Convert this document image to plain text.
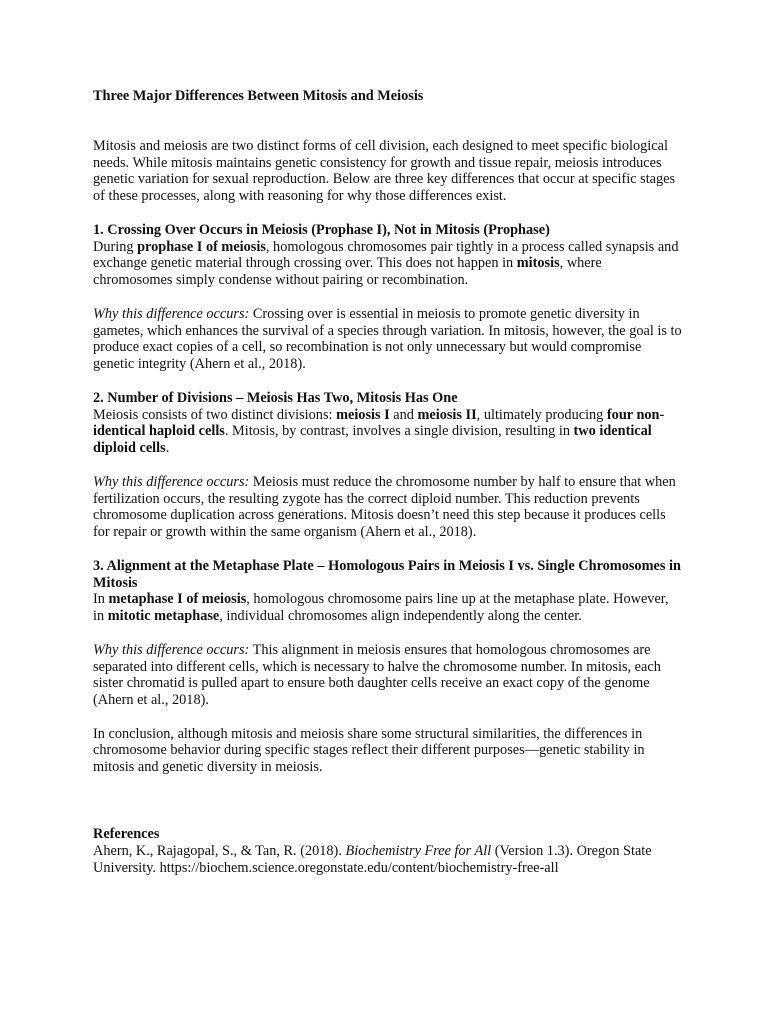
Three Major Differences Between Mitosis and Meiosis

Mitosis and meiosis are two distinct forms of cell division, each designed to meet specific biological needs. While mitosis maintains genetic consistency for growth and tissue repair, meiosis introduces genetic variation for sexual reproduction. Below are three key differences that occur at specific stages of these processes, along with reasoning for why those differences exist.

1. Crossing Over Occurs in Meiosis (Prophase I), Not in Mitosis (Prophase)

During prophase I of meiosis, homologous chromosomes pair tightly in a process called synapsis and exchange genetic material through crossing over. This does not happen in mitosis, where chromosomes simply condense without pairing or recombination.

Why this difference occurs: Crossing over is essential in meiosis to promote genetic diversity in gametes, which enhances the survival of a species through variation. In mitosis, however, the goal is to produce exact copies of a cell, so recombination is not only unnecessary but would compromise genetic integrity (Ahern et al., 2018).

2. Number of Divisions – Meiosis Has Two, Mitosis Has One

Meiosis consists of two distinct divisions: meiosis I and meiosis II, ultimately producing four non-identical haploid cells. Mitosis, by contrast, involves a single division, resulting in two identical diploid cells.

Why this difference occurs: Meiosis must reduce the chromosome number by half to ensure that when fertilization occurs, the resulting zygote has the correct diploid number. This reduction prevents chromosome duplication across generations. Mitosis doesn’t need this step because it produces cells for repair or growth within the same organism (Ahern et al., 2018).

3. Alignment at the Metaphase Plate – Homologous Pairs in Meiosis I vs. Single Chromosomes in Mitosis

In metaphase I of meiosis, homologous chromosome pairs line up at the metaphase plate. However, in mitotic metaphase, individual chromosomes align independently along the center.

Why this difference occurs: This alignment in meiosis ensures that homologous chromosomes are separated into different cells, which is necessary to halve the chromosome number. In mitosis, each sister chromatid is pulled apart to ensure both daughter cells receive an exact copy of the genome (Ahern et al., 2018).

In conclusion, although mitosis and meiosis share some structural similarities, the differences in chromosome behavior during specific stages reflect their different purposes—genetic stability in mitosis and genetic diversity in meiosis.

References

Ahern, K., Rajagopal, S., & Tan, R. (2018). Biochemistry Free for All (Version 1.3). Oregon State University. https://biochem.science.oregonstate.edu/content/biochemistry-free-all
